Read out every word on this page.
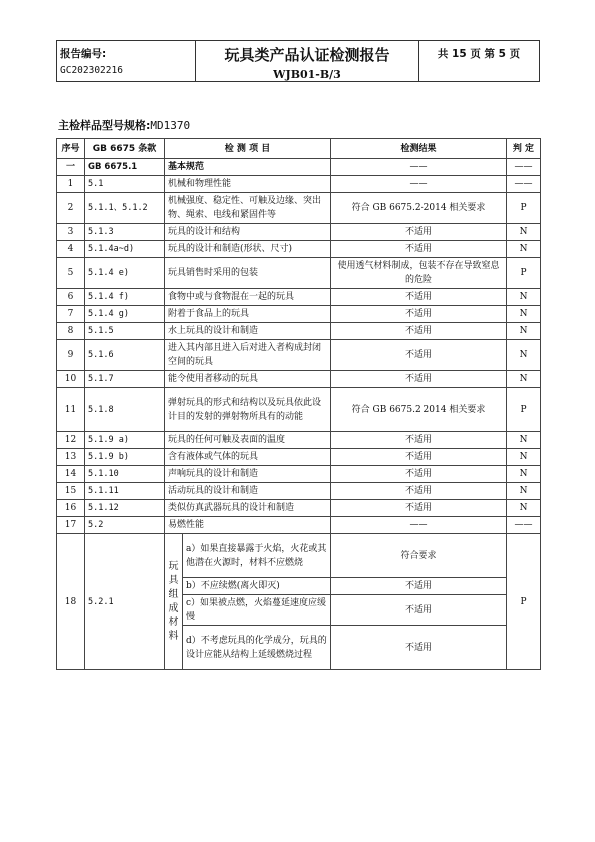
报告编号:
GC202302216

玩具类产品认证检测报告
WJB01-B/3

共 15 页 第 5 页
主检样品型号规格:MD1370
序号	GB 6675 条款	检 测 项 目		检测结果	判 定
一	GB 6675.1	基本规范		——	——
1	5.1	机械和物理性能		——	——
2	5.1.1、5.1.2	机械强度、稳定性、可触及边缘、突出物、绳索、电线和紧固件等		符合 GB 6675.2-2014 相关要求	P
3	5.1.3	玩具的设计和结构		不适用	N
4	5.1.4a~d)	玩具的设计和制造(形状、尺寸)		不适用	N
5	5.1.4 e)	玩具销售时采用的包装		使用透气材料制成，包装不存在导致窒息的危险	P
6	5.1.4 f)	食物中或与食物混在一起的玩具		不适用	N
7	5.1.4 g)	附着于食品上的玩具		不适用	N
8	5.1.5	水上玩具的设计和制造		不适用	N
9	5.1.6	进入其内部且进入后对进入者构成封闭空间的玩具		不适用	N
10	5.1.7	能令使用者移动的玩具		不适用	N
11	5.1.8	弹射玩具的形式和结构以及玩具依此设计目的发射的弹射物所具有的动能		符合 GB 6675.2 2014 相关要求	P
12	5.1.9 a)	玩具的任何可触及表面的温度		不适用	N
13	5.1.9 b)	含有液体或气体的玩具		不适用	N
14	5.1.10	声响玩具的设计和制造		不适用	N
15	5.1.11	活动玩具的设计和制造		不适用	N
16	5.1.12	类似仿真武器玩具的设计和制造		不适用	N
17	5.2	易燃性能		——	——
18	5.2.1	玩具组成材料	a）如果直接暴露于火焰，火花或其他潜在火源时，材料不应燃烧	符合要求	P
			b）不应续燃(离火即灭)	不适用	
			c）如果被点燃，火焰蔓延速度应缓慢	不适用	
			d）不考虑玩具的化学成分，玩具的设计应能从结构上延缓燃烧过程	不适用	
